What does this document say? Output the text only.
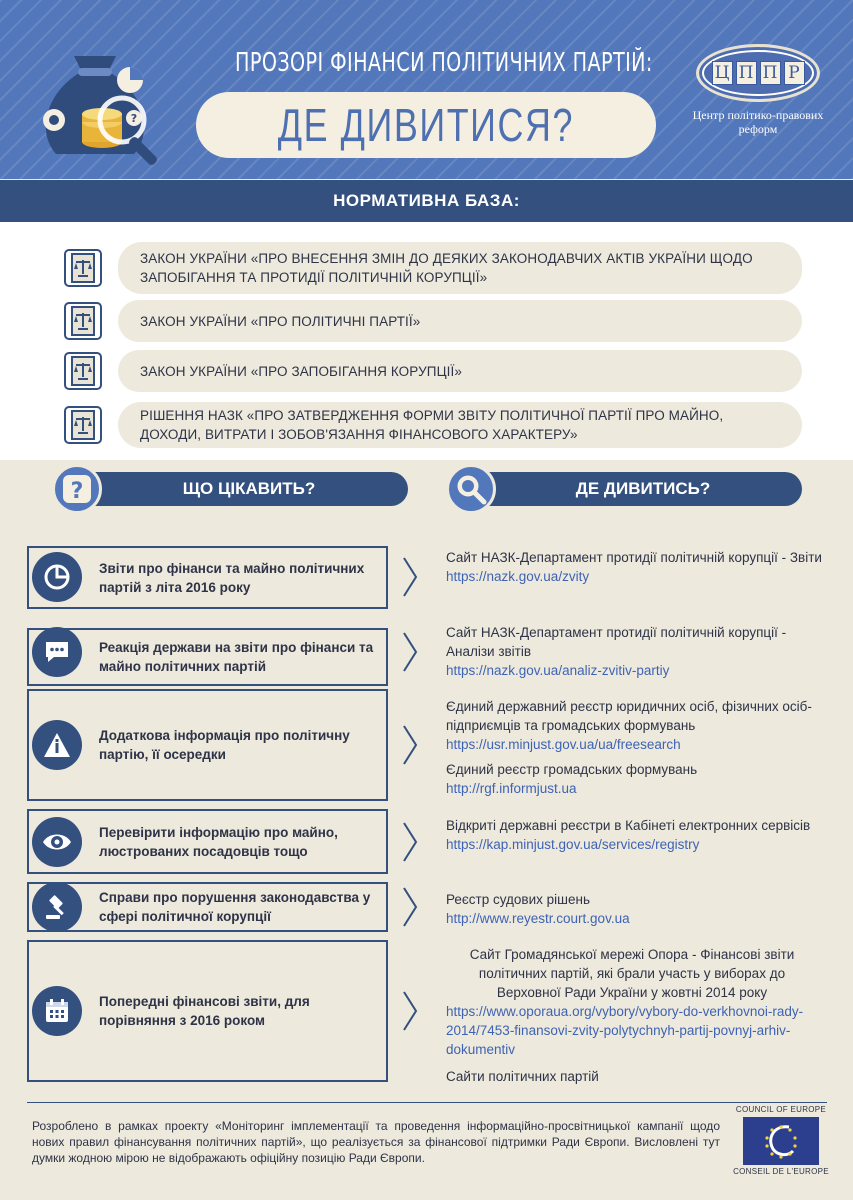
?
ПРОЗОРІ ФІНАНСИ ПОЛІТИЧНИХ ПАРТІЙ:
ДЕ ДИВИТИСЯ?
Ц П П Р
Центр політико-правових реформ
НОРМАТИВНА БАЗА:
ЗАКОН УКРАЇНИ «ПРО ВНЕСЕННЯ ЗМІН ДО ДЕЯКИХ ЗАКОНОДАВЧИХ АКТІВ УКРАЇНИ ЩОДО ЗАПОБІГАННЯ ТА ПРОТИДІЇ ПОЛІТИЧНІЙ КОРУПЦІЇ»
ЗАКОН УКРАЇНИ «ПРО ПОЛІТИЧНІ ПАРТІЇ»
ЗАКОН УКРАЇНИ «ПРО ЗАПОБІГАННЯ КОРУПЦІЇ»
РІШЕННЯ НАЗК «ПРО ЗАТВЕРДЖЕННЯ ФОРМИ ЗВІТУ ПОЛІТИЧНОЇ ПАРТІЇ ПРО МАЙНО, ДОХОДИ, ВИТРАТИ І ЗОБОВ'ЯЗАННЯ ФІНАНСОВОГО ХАРАКТЕРУ»
ЩО ЦІКАВИТЬ?
?	ДЕ ДИВИТИСЬ?
Звіти про фінанси та майно політичних партій з літа 2016 року
Сайт НАЗК-Департамент протидії політичній корупції - Звіти
https://nazk.gov.ua/zvity
Реакція держави на звіти про фінанси та майно політичних партій
Сайт НАЗК-Департамент протидії політичній корупції - Аналізи звітів
https://nazk.gov.ua/analiz-zvitiv-partiy
Додаткова інформація про політичну партію, її осередки
Єдиний державний реєстр юридичних осіб, фізичних осіб-підприємців та громадських формувань
https://usr.minjust.gov.ua/ua/freesearch
Єдиний реєстр громадських формувань
http://rgf.informjust.ua
Перевірити інформацію про майно, люстрованих посадовців тощо
Відкриті державні реєстри в Кабінеті електронних сервісів
https://kap.minjust.gov.ua/services/registry
Справи про порушення законодавства у сфері політичної корупції
Реєстр судових рішень
http://www.reyestr.court.gov.ua
Попередні фінансові звіти, для порівняння з 2016 роком
Сайт Громадянської мережі Опора - Фінансові звіти політичних партій, які брали участь у виборах до Верховної Ради України у жовтні 2014 року
https://www.oporaua.org/vybory/vybory-do-verkhovnoi-rady-2014/7453-finansovi-zvity-polytychnyh-partij-povnyj-arhiv-dokumentiv
Сайти політичних партій
Розроблено в рамках проекту «Моніторинг імплементації та проведення інформаційно-просвітницької кампанії щодо нових правил фінансування політичних партій», що реалізується за фінансової підтримки Ради Європи. Висловлені тут думки жодною мірою не відображають офіційну позицію Ради Європи.
COUNCIL OF EUROPE
CONSEIL DE L'EUROPE
